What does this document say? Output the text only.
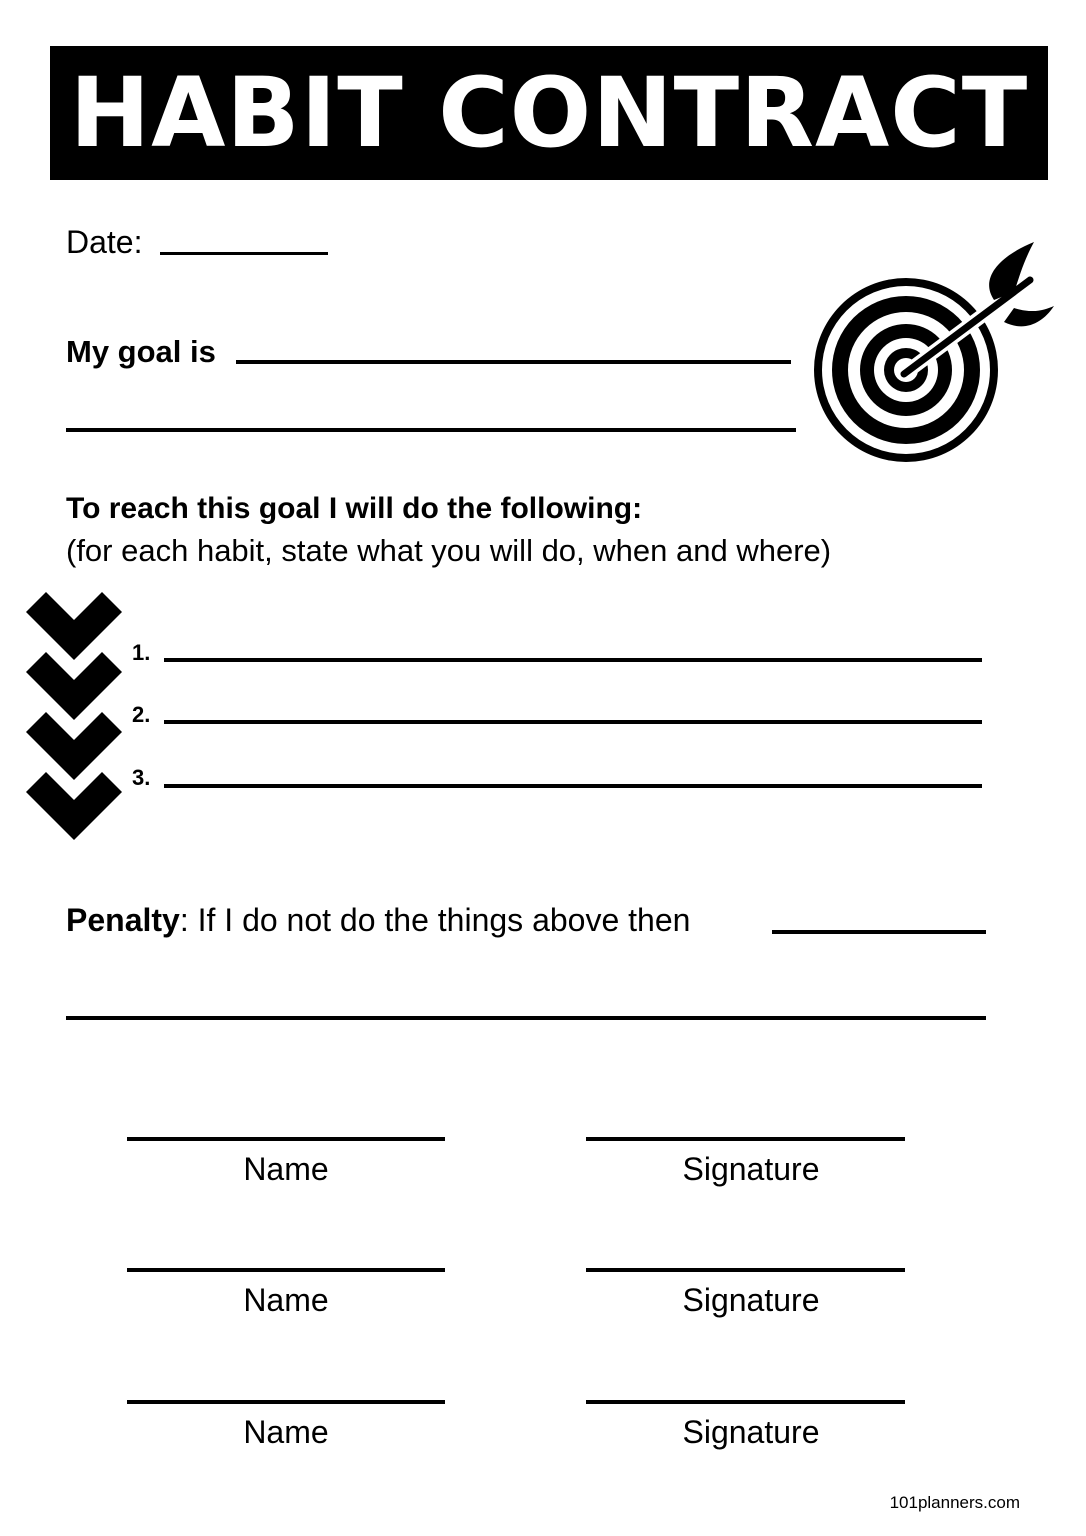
HABIT CONTRACT
Date:
My goal is
To reach this goal I will do the following:
(for each habit, state what you will do, when and where)
1.
2.
3.
Penalty: If I do not do the things above then
Name	Signature
Name	Signature
Name	Signature
101planners.com
